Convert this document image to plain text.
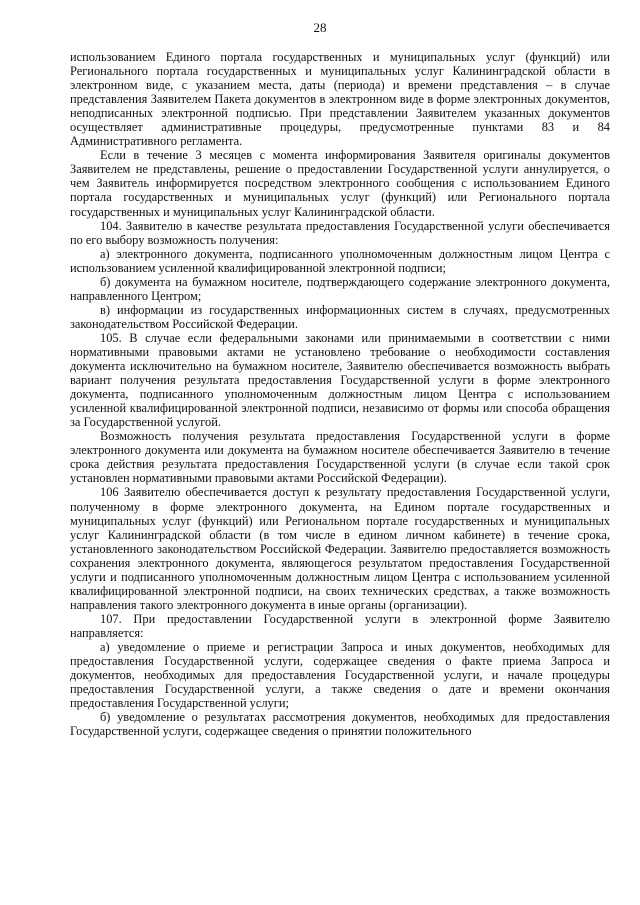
28

использованием Единого портала государственных и муниципальных услуг (функций) или Регионального портала государственных и муниципальных услуг Калининградской области в электронном виде, с указанием места, даты (периода) и времени представления – в случае представления Заявителем Пакета документов в электронном виде в форме электронных документов, неподписанных электронной подписью. При представлении Заявителем указанных документов осуществляет административные процедуры, предусмотренные пунктами 83 и 84 Административного регламента.

Если в течение 3 месяцев с момента информирования Заявителя оригиналы документов Заявителем не представлены, решение о предоставлении Государственной услуги аннулируется, о чем Заявитель информируется посредством электронного сообщения с использованием Единого портала государственных и муниципальных услуг (функций) или Регионального портала государственных и муниципальных услуг Калининградской области.

104. Заявителю в качестве результата предоставления Государственной услуги обеспечивается по его выбору возможность получения:

а) электронного документа, подписанного уполномоченным должностным лицом Центра с использованием усиленной квалифицированной электронной подписи;

б) документа на бумажном носителе, подтверждающего содержание электронного документа, направленного Центром;

в) информации из государственных информационных систем в случаях, предусмотренных законодательством Российской Федерации.

105. В случае если федеральными законами или принимаемыми в соответствии с ними нормативными правовыми актами не установлено требование о необходимости составления документа исключительно на бумажном носителе, Заявителю обеспечивается возможность выбрать вариант получения результата предоставления Государственной услуги в форме электронного документа, подписанного уполномоченным должностным лицом Центра с использованием усиленной квалифицированной электронной подписи, независимо от формы или способа обращения за Государственной услугой.

Возможность получения результата предоставления Государственной услуги в форме электронного документа или документа на бумажном носителе обеспечивается Заявителю в течение срока действия результата предоставления Государственной услуги (в случае если такой срок установлен нормативными правовыми актами Российской Федерации).

106 Заявителю обеспечивается доступ к результату предоставления Государственной услуги, полученному в форме электронного документа, на Едином портале государственных и муниципальных услуг (функций) или Региональном портале государственных и муниципальных услуг Калининградской области (в том числе в едином личном кабинете) в течение срока, установленного законодательством Российской Федерации. Заявителю предоставляется возможность сохранения электронного документа, являющегося результатом предоставления Государственной услуги и подписанного уполномоченным должностным лицом Центра с использованием усиленной квалифицированной электронной подписи, на своих технических средствах, а также возможность направления такого электронного документа в иные органы (организации).

107. При предоставлении Государственной услуги в электронной форме Заявителю направляется:

а) уведомление о приеме и регистрации Запроса и иных документов, необходимых для предоставления Государственной услуги, содержащее сведения о факте приема Запроса и документов, необходимых для предоставления Государственной услуги, и начале процедуры предоставления Государственной услуги, а также сведения о дате и времени окончания предоставления Государственной услуги;

б) уведомление о результатах рассмотрения документов, необходимых для предоставления Государственной услуги, содержащее сведения о принятии положительного
